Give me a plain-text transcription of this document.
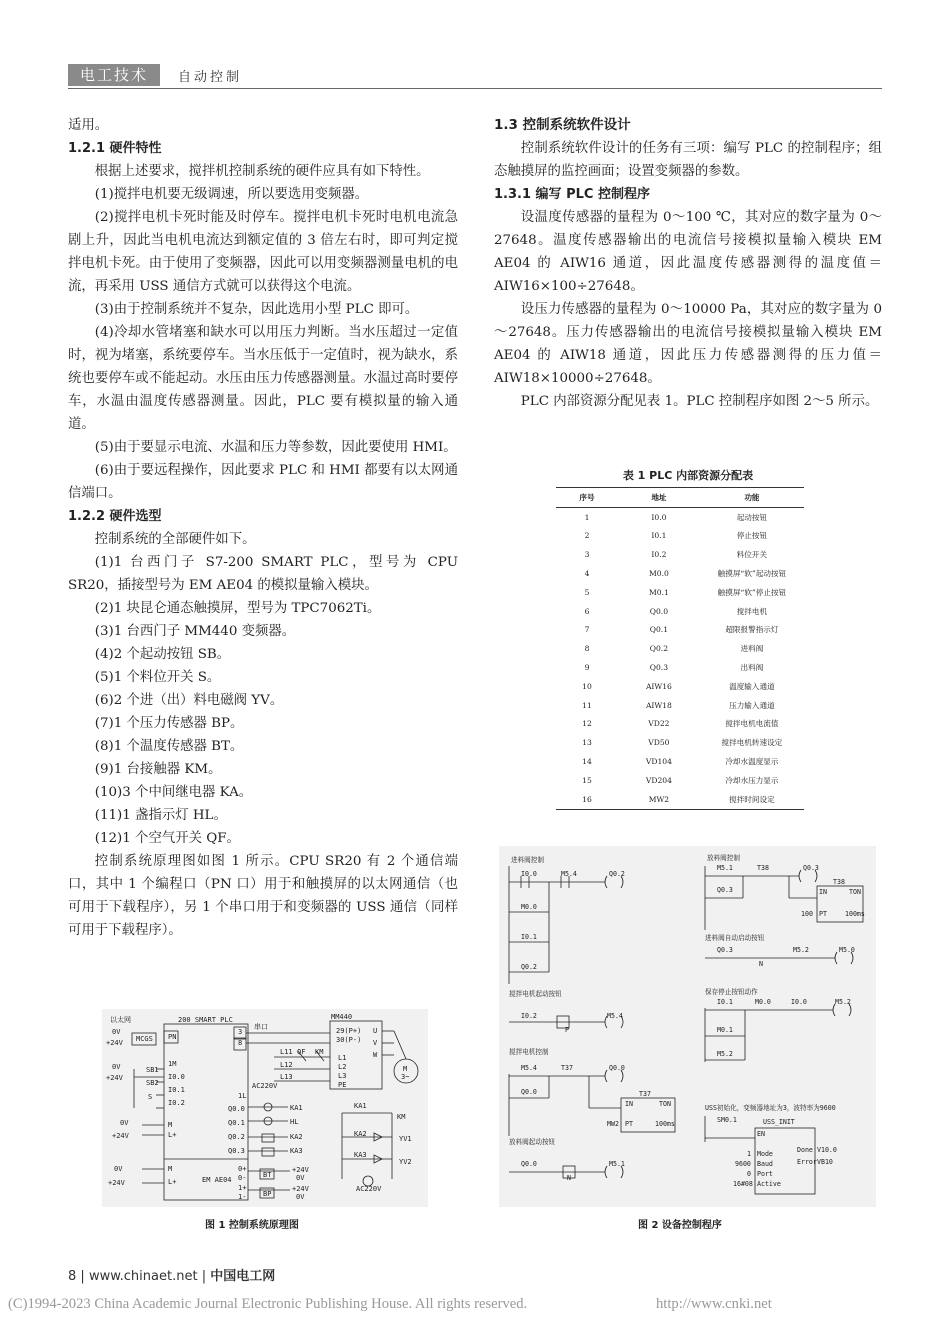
电工技术	自动控制

适用。

1.2.1 硬件特性

根据上述要求，搅拌机控制系统的硬件应具有如下特性。

(1)搅拌电机要无级调速，所以要选用变频器。

(2)搅拌电机卡死时能及时停车。搅拌电机卡死时电机电流急剧上升，因此当电机电流达到额定值的 3 倍左右时，即可判定搅拌电机卡死。由于使用了变频器，因此可以用变频器测量电机的电流，再采用 USS 通信方式就可以获得这个电流。

(3)由于控制系统并不复杂，因此选用小型 PLC 即可。

(4)冷却水管堵塞和缺水可以用压力判断。当水压超过一定值时，视为堵塞，系统要停车。当水压低于一定值时，视为缺水，系统也要停车或不能起动。水压由压力传感器测量。水温过高时要停车，水温由温度传感器测量。因此，PLC 要有模拟量的输入通道。

(5)由于要显示电流、水温和压力等参数，因此要使用 HMI。

(6)由于要远程操作，因此要求 PLC 和 HMI 都要有以太网通信端口。

1.2.2 硬件选型

控制系统的全部硬件如下。

(1)1 台西门子 S7-200 SMART PLC，型号为 CPU SR20，插接型号为 EM AE04 的模拟量输入模块。

(2)1 块昆仑通态触摸屏，型号为 TPC7062Ti。

(3)1 台西门子 MM440 变频器。

(4)2 个起动按钮 SB。

(5)1 个料位开关 S。

(6)2 个进（出）料电磁阀 YV。

(7)1 个压力传感器 BP。

(8)1 个温度传感器 BT。

(9)1 台接触器 KM。

(10)3 个中间继电器 KA。

(11)1 盏指示灯 HL。

(12)1 个空气开关 QF。

控制系统原理图如图 1 所示。CPU SR20 有 2 个通信端口，其中 1 个编程口（PN 口）用于和触摸屏的以太网通信（也可用于下载程序），另 1 个串口用于和变频器的 USS 通信（同样可用于下载程序）。

1.3 控制系统软件设计

控制系统软件设计的任务有三项：编写 PLC 的控制程序；组态触摸屏的监控画面；设置变频器的参数。

1.3.1 编写 PLC 控制程序

设温度传感器的量程为 0～100 ℃，其对应的数字量为 0～27648。温度传感器输出的电流信号接模拟量输入模块 EM AE04 的 AIW16 通道，因此温度传感器测得的温度值＝AIW16×100÷27648。

设压力传感器的量程为 0～10000 Pa，其对应的数字量为 0～27648。压力传感器输出的电流信号接模拟量输入模块 EM AE04 的 AIW18 通道，因此压力传感器测得的压力值＝AIW18×10000÷27648。

PLC 内部资源分配见表 1。PLC 控制程序如图 2～5 所示。

表 1 PLC 内部资源分配表
序号	地址	功能
1	I0.0	起动按钮
2	I0.1	停止按钮
3	I0.2	料位开关
4	M0.0	触摸屏“软”起动按钮
5	M0.1	触摸屏“软”停止按钮
6	Q0.0	搅拌电机
7	Q0.1	超限报警指示灯
8	Q0.2	进料阀
9	Q0.3	出料阀
10	AIW16	温度输入通道
11	AIW18	压力输入通道
12	VD22	搅拌电机电流值
13	VD50	搅拌电机转速设定
14	VD104	冷却水温度显示
15	VD204	冷却水压力显示
16	MW2	搅拌时间设定
以太网	200 SMART PLC
串口
MM440
0V
+24V MCGS PN
3
8
29(P+)
30(P-)
U
V
W
L1
L2
L3
PE
M
3~
QF KM
L11
L12
L13
0V
+24V
SB1
SB2
S
1M
I0.0
I0.1
I0.2
0V
+24V
M
L+
1L
AC220V
Q0.0
Q0.1
Q0.2
Q0.3
KA1
HL
KA2
KA3
KA1
KM
KA2
YV1
KA3
YV2
AC220V
0V
+24V
M
L+	EM AE04
0+
0-
1+
1-
BT
BP
+24V
0V
+24V
0V
图 1 控制系统原理图
进料阀控制
I0.0	M5.4	Q0.2
M0.0
I0.1
Q0.2
放料阀控制
M5.1	T38	Q0.3
Q0.3
T38
IN	TON
100 PT	100ms
进料阀自动启动按钮
Q0.3
N
M5.2	M5.0
搅拌电机起动按钮
I0.2
P
M5.4
保存停止按钮动作
I0.1	M0.0	I0.0	M5.2
M0.1
M5.2
搅拌电机控制
M5.4	T37	Q0.0
Q0.0	T37
IN	TON
MW2 PT	100ms
放料阀起动按钮
Q0.0
N
M5.1
USS初始化，变频器地址为3，波特率为9600
SM0.1	USS_INIT
EN
Done
Error
V10.0
VB10
Mode
Baud
Port
Active
1
9600
0
16#08
图 2 设备控制程序
8 | www.chinaet.net | 中国电工网
(C)1994-2023 China Academic Journal Electronic Publishing House. All rights reserved.	http://www.cnki.net
